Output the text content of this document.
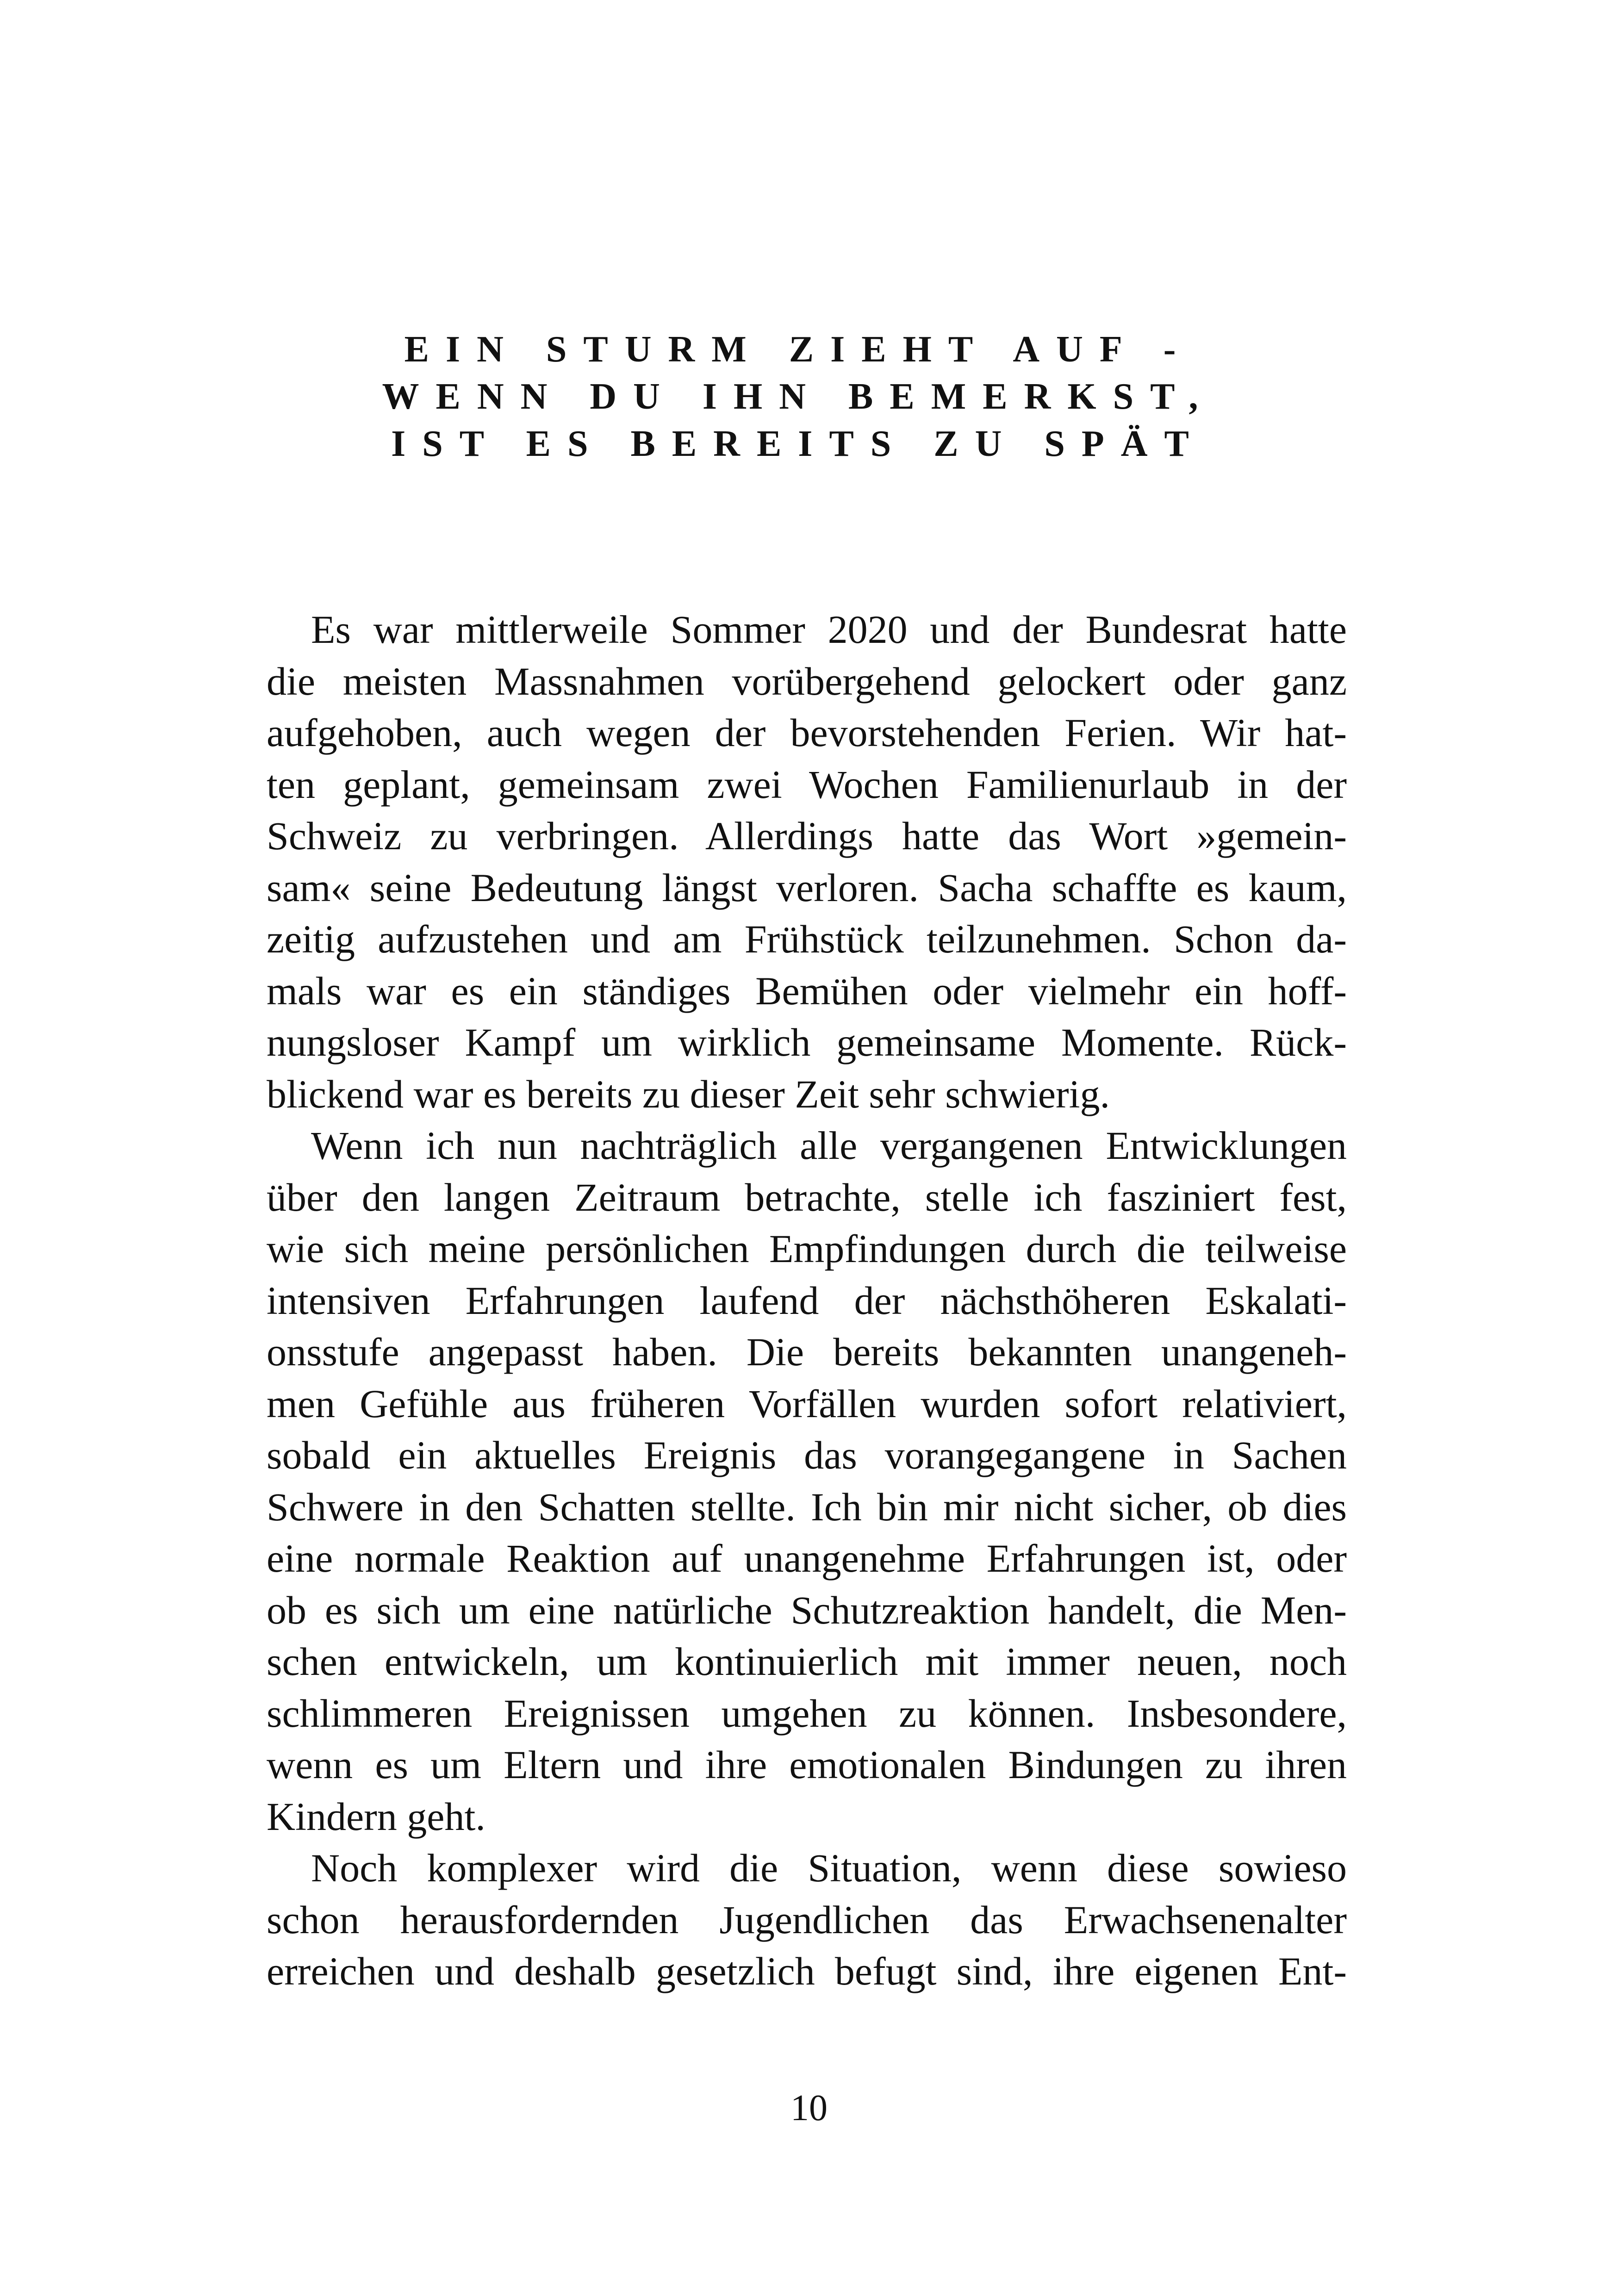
EIN STURM ZIEHT AUF -
WENN DU IHN BEMERKST,
IST ES BEREITS ZU SPÄT
Es war mittlerweile Sommer 2020 und der Bundesrat hatte
die meisten Massnahmen vorübergehend gelockert oder ganz
aufgehoben, auch wegen der bevorstehenden Ferien. Wir hat-
ten geplant, gemeinsam zwei Wochen Familienurlaub in der
Schweiz zu verbringen. Allerdings hatte das Wort »gemein-
sam« seine Bedeutung längst verloren. Sacha schaffte es kaum,
zeitig aufzustehen und am Frühstück teilzunehmen. Schon da-
mals war es ein ständiges Bemühen oder vielmehr ein hoff-
nungsloser Kampf um wirklich gemeinsame Momente. Rück-
blickend war es bereits zu dieser Zeit sehr schwierig.
Wenn ich nun nachträglich alle vergangenen Entwicklungen
über den langen Zeitraum betrachte, stelle ich fasziniert fest,
wie sich meine persönlichen Empfindungen durch die teilweise
intensiven Erfahrungen laufend der nächsthöheren Eskalati-
onsstufe angepasst haben. Die bereits bekannten unangeneh-
men Gefühle aus früheren Vorfällen wurden sofort relativiert,
sobald ein aktuelles Ereignis das vorangegangene in Sachen
Schwere in den Schatten stellte. Ich bin mir nicht sicher, ob dies
eine normale Reaktion auf unangenehme Erfahrungen ist, oder
ob es sich um eine natürliche Schutzreaktion handelt, die Men-
schen entwickeln, um kontinuierlich mit immer neuen, noch
schlimmeren Ereignissen umgehen zu können. Insbesondere,
wenn es um Eltern und ihre emotionalen Bindungen zu ihren
Kindern geht.
Noch komplexer wird die Situation, wenn diese sowieso
schon herausfordernden Jugendlichen das Erwachsenenalter
erreichen und deshalb gesetzlich befugt sind, ihre eigenen Ent-
10
